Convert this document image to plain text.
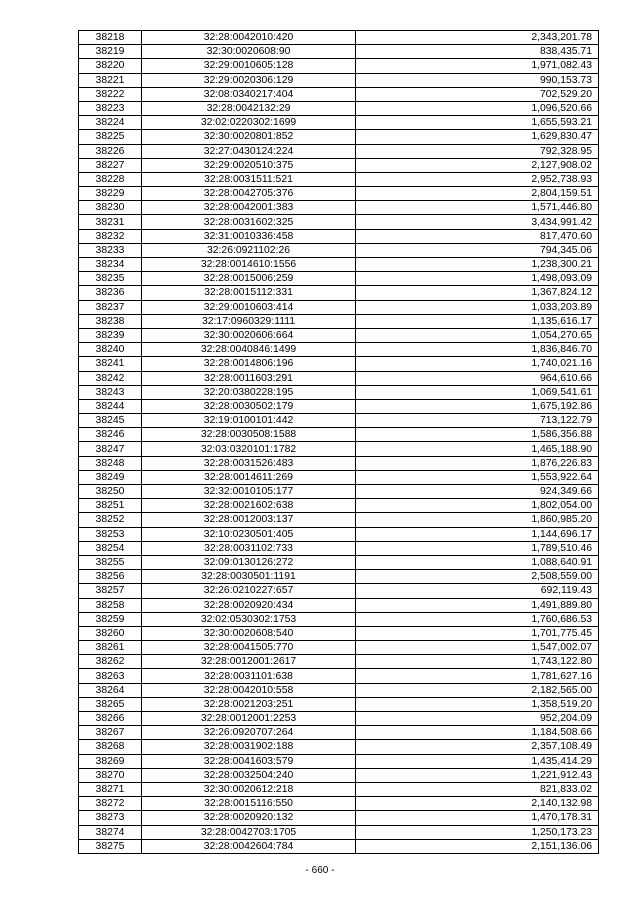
38218	32:28:0042010:420	2,343,201.78
38219	32:30:0020608:90	838,435.71
38220	32:29:0010605:128	1,971,082.43
38221	32:29:0020306:129	990,153.73
38222	32:08:0340217:404	702,529.20
38223	32:28:0042132:29	1,096,520.66
38224	32:02:0220302:1699	1,655,593.21
38225	32:30:0020801:852	1,629,830.47
38226	32:27:0430124:224	792,328.95
38227	32:29:0020510:375	2,127,908.02
38228	32:28:0031511:521	2,952,738.93
38229	32:28:0042705:376	2,804,159.51
38230	32:28:0042001:383	1,571,446.80
38231	32:28:0031602:325	3,434,991.42
38232	32:31:0010336:458	817,470.60
38233	32:26:0921102:26	794,345.06
38234	32:28:0014610:1556	1,238,300.21
38235	32:28:0015006:259	1,498,093.09
38236	32:28:0015112:331	1,367,824.12
38237	32:29:0010603:414	1,033,203.89
38238	32:17:0960329:1111	1,135,616.17
38239	32:30:0020606:664	1,054,270.65
38240	32:28:0040846:1499	1,836,846.70
38241	32:28:0014806:196	1,740,021.16
38242	32:28:0011603:291	964,610.66
38243	32:20:0380228:195	1,069,541.61
38244	32:28:0030502:179	1,675,192.86
38245	32:19:0100101:442	713,122.79
38246	32:28:0030508:1588	1,586,356.88
38247	32:03:0320101:1782	1,465,188.90
38248	32:28:0031526:483	1,876,226.83
38249	32:28:0014611:269	1,553,922.64
38250	32:32:0010105:177	924,349.66
38251	32:28:0021602:638	1,802,054.00
38252	32:28:0012003:137	1,860,985.20
38253	32:10:0230501:405	1,144,696.17
38254	32:28:0031102:733	1,789,510.46
38255	32:09:0130126:272	1,088,640.91
38256	32:28:0030501:1191	2,508,559.00
38257	32:26:0210227:657	692,119.43
38258	32:28:0020920:434	1,491,889.80
38259	32:02:0530302:1753	1,760,686.53
38260	32:30:0020608:540	1,701,775.45
38261	32:28:0041505:770	1,547,002.07
38262	32:28:0012001:2617	1,743,122.80
38263	32:28:0031101:638	1,781,627.16
38264	32:28:0042010:558	2,182,565.00
38265	32:28:0021203:251	1,358,519.20
38266	32:28:0012001:2253	952,204.09
38267	32:26:0920707:264	1,184,508.66
38268	32:28:0031902:188	2,357,108.49
38269	32:28:0041603:579	1,435,414.29
38270	32:28:0032504:240	1,221,912.43
38271	32:30:0020612:218	821,833.02
38272	32:28:0015116:550	2,140,132.98
38273	32:28:0020920:132	1,470,178.31
38274	32:28:0042703:1705	1,250,173.23
38275	32:28:0042604:784	2,151,136.06
- 660 -
